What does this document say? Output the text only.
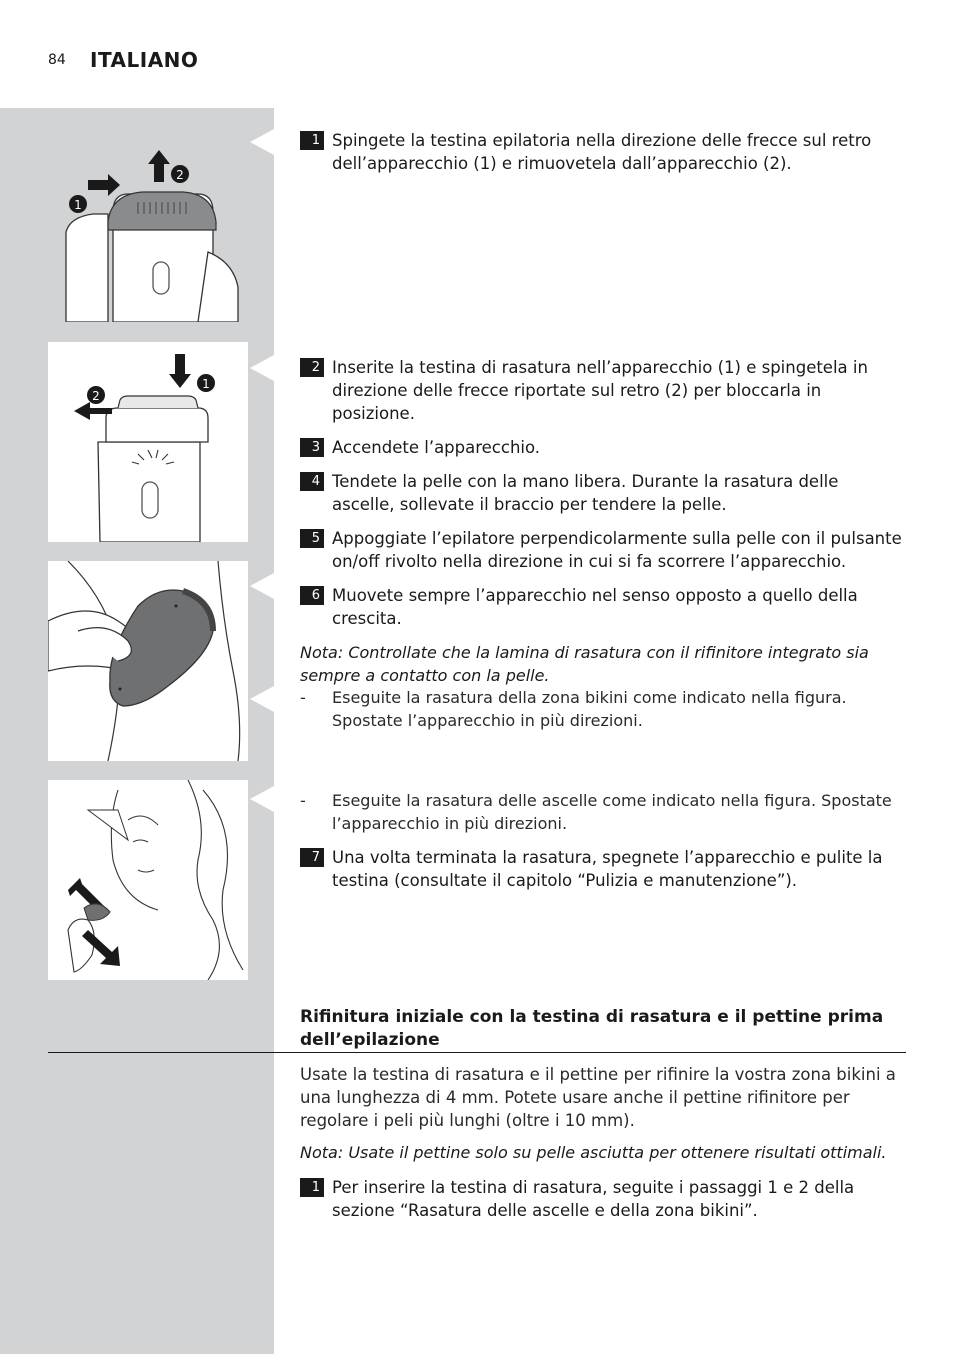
84 ITALIANO
1
2
1
2
1 Spingete la testina epilatoria nella direzione delle frecce sul retro dell’apparecchio (1) e rimuovetela dall’apparecchio (2).
2 Inserite la testina di rasatura nell’apparecchio (1) e spingetela in direzione delle frecce riportate sul retro (2) per bloccarla in posizione.
3 Accendete l’apparecchio.
4 Tendete la pelle con la mano libera. Durante la rasatura delle ascelle, sollevate il braccio per tendere la pelle.
5 Appoggiate l’epilatore perpendicolarmente sulla pelle con il pulsante on/off rivolto nella direzione in cui si fa scorrere l’apparecchio.
6 Muovete sempre l’apparecchio nel senso opposto a quello della crescita.
Nota: Controllate che la lamina di rasatura con il rifinitore integrato sia sempre a contatto con la pelle.
- Eseguite la rasatura della zona bikini come indicato nella figura. Spostate l’apparecchio in più direzioni.
- Eseguite la rasatura delle ascelle come indicato nella figura. Spostate l’apparecchio in più direzioni.
7 Una volta terminata la rasatura, spegnete l’apparecchio e pulite la testina (consultate il capitolo “Pulizia e manutenzione”).
Rifinitura iniziale con la testina di rasatura e il pettine prima dell’epilazione
Usate la testina di rasatura e il pettine per rifinire la vostra zona bikini a una lunghezza di 4 mm. Potete usare anche il pettine rifinitore per regolare i peli più lunghi (oltre i 10 mm).
Nota: Usate il pettine solo su pelle asciutta per ottenere risultati ottimali.
1 Per inserire la testina di rasatura, seguite i passaggi 1 e 2 della sezione “Rasatura delle ascelle e della zona bikini”.
